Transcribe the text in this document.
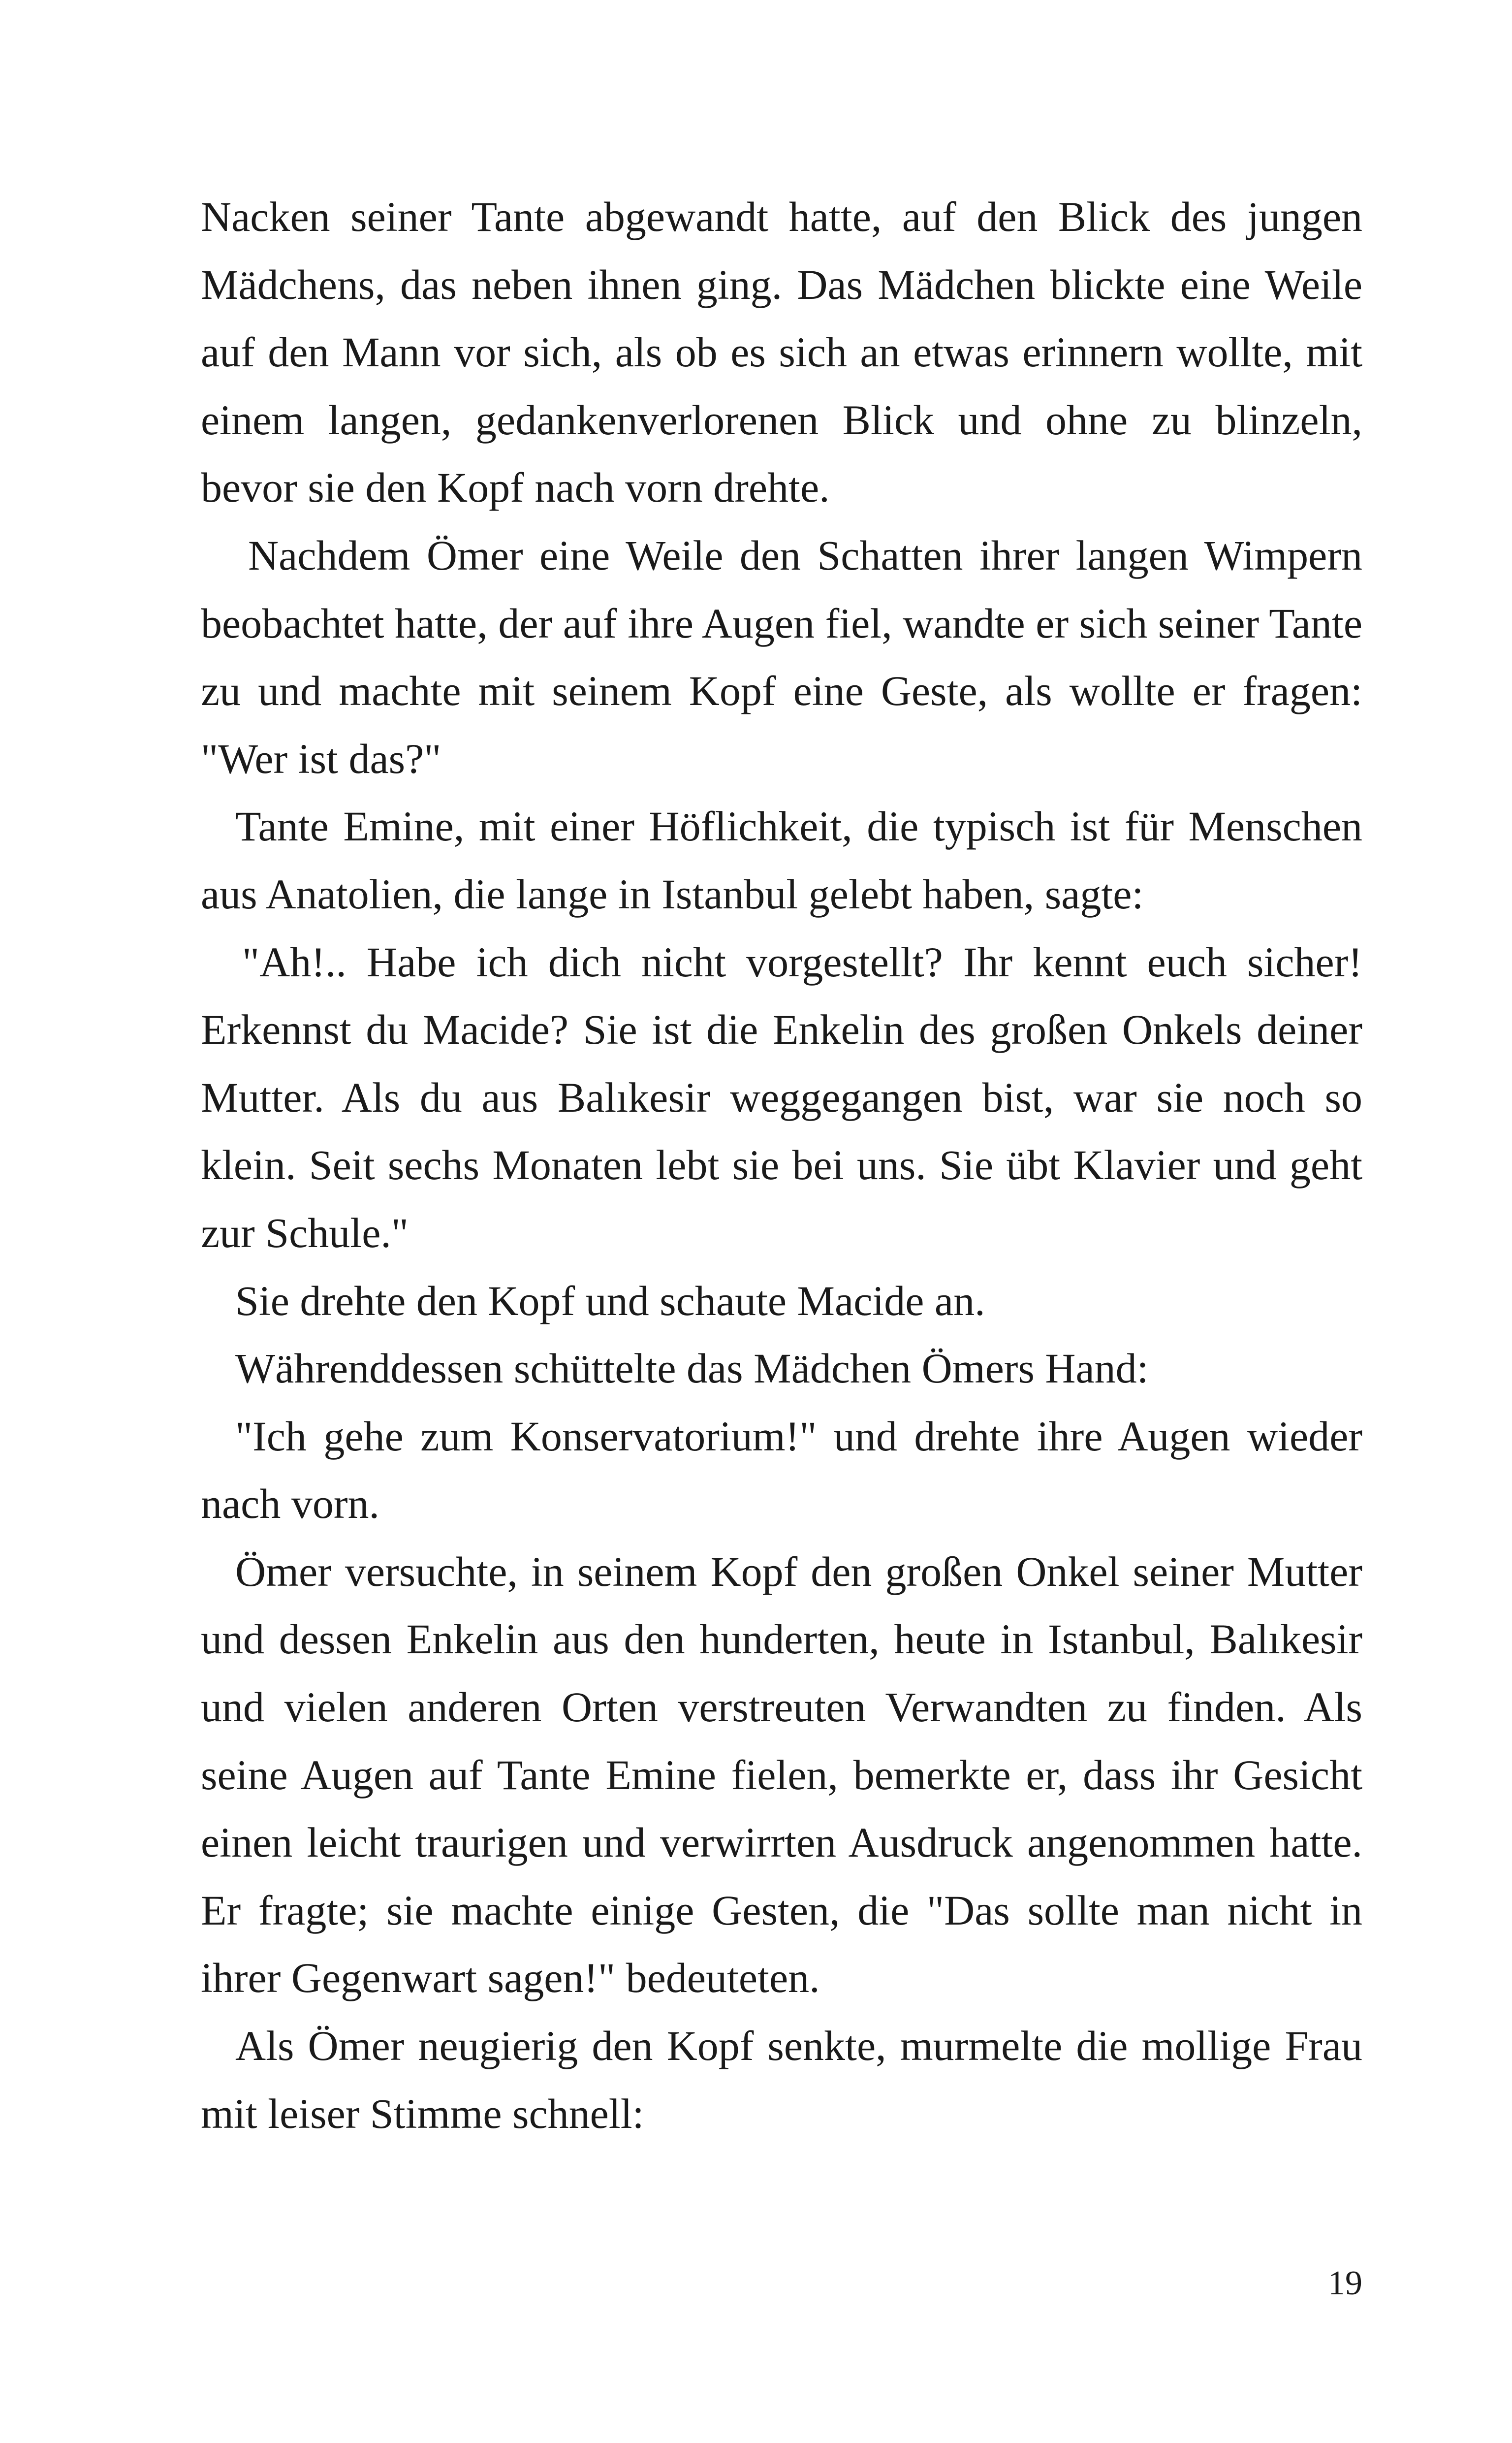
Nacken seiner Tante abgewandt hatte, auf den Blick des jungen Mädchens, das neben ihnen ging. Das Mädchen blickte eine Weile auf den Mann vor sich, als ob es sich an etwas erinnern wollte, mit einem langen, gedankenverlorenen Blick und ohne zu blinzeln, bevor sie den Kopf nach vorn drehte.

Nachdem Ömer eine Weile den Schatten ihrer langen Wimpern beobachtet hatte, der auf ihre Augen fiel, wandte er sich seiner Tante zu und machte mit seinem Kopf eine Geste, als wollte er fragen: "Wer ist das?"

Tante Emine, mit einer Höflichkeit, die typisch ist für Menschen aus Anatolien, die lange in Istanbul gelebt haben, sagte:

"Ah!.. Habe ich dich nicht vorgestellt? Ihr kennt euch sicher! Erkennst du Macide? Sie ist die Enkelin des großen Onkels deiner Mutter. Als du aus Balıkesir weggegangen bist, war sie noch so klein. Seit sechs Monaten lebt sie bei uns. Sie übt Klavier und geht zur Schule."

Sie drehte den Kopf und schaute Macide an.

Währenddessen schüttelte das Mädchen Ömers Hand:

"Ich gehe zum Konservatorium!" und drehte ihre Augen wieder nach vorn.

Ömer versuchte, in seinem Kopf den großen Onkel seiner Mutter und dessen Enkelin aus den hunderten, heute in Istanbul, Balıkesir und vielen anderen Orten verstreuten Verwandten zu finden. Als seine Augen auf Tante Emine fielen, bemerkte er, dass ihr Gesicht einen leicht traurigen und verwirrten Ausdruck angenommen hatte. Er fragte; sie machte einige Gesten, die "Das sollte man nicht in ihrer Gegenwart sagen!" bedeuteten.

Als Ömer neugierig den Kopf senkte, murmelte die mollige Frau mit leiser Stimme schnell:

19
